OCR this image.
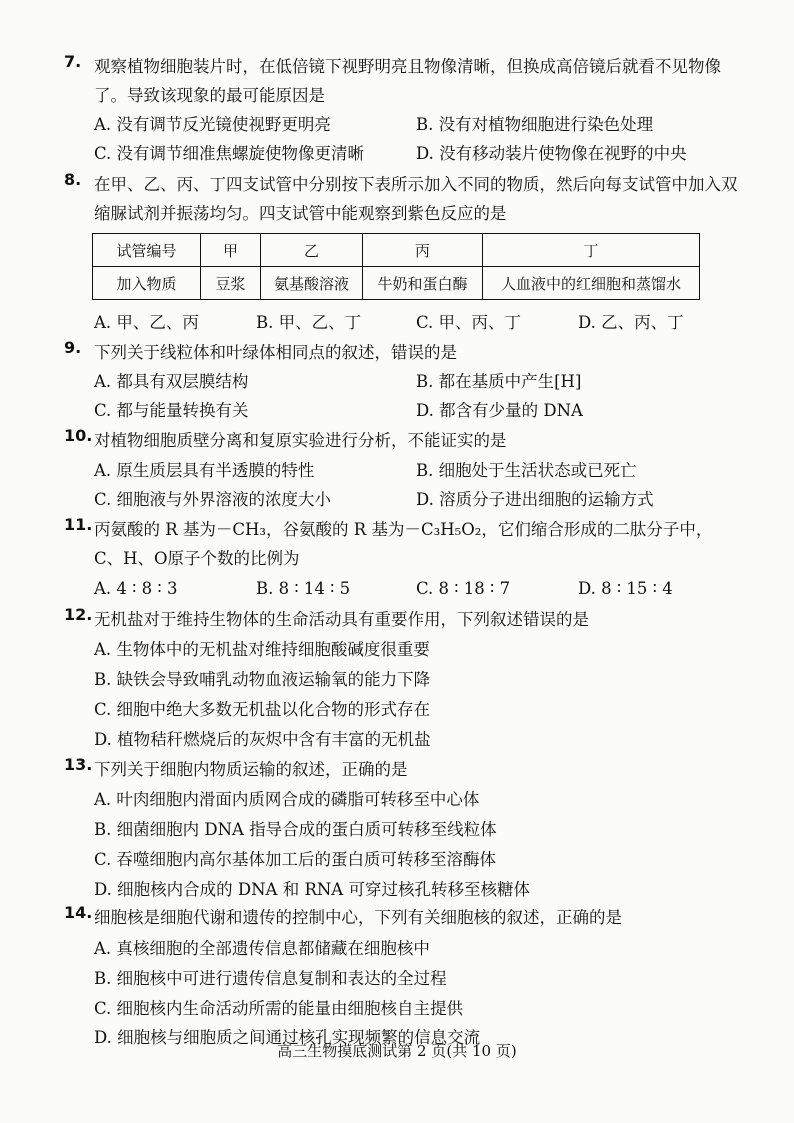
7. 观察植物细胞装片时，在低倍镜下视野明亮且物像清晰，但换成高倍镜后就看不见物像
了。导致该现象的最可能原因是
A. 没有调节反光镜使视野更明亮	B. 没有对植物细胞进行染色处理
C. 没有调节细准焦螺旋使物像更清晰	D. 没有移动装片使物像在视野的中央
8. 在甲、乙、丙、丁四支试管中分别按下表所示加入不同的物质，然后向每支试管中加入双
缩脲试剂并振荡均匀。四支试管中能观察到紫色反应的是
试管编号	甲	乙	丙	丁
加入物质	豆浆	氨基酸溶液	牛奶和蛋白酶	人血液中的红细胞和蒸馏水
A. 甲、乙、丙	B. 甲、乙、丁	C. 甲、丙、丁	D. 乙、丙、丁
9. 下列关于线粒体和叶绿体相同点的叙述，错误的是
A. 都具有双层膜结构	B. 都在基质中产生[H]
C. 都与能量转换有关	D. 都含有少量的 DNA
10. 对植物细胞质壁分离和复原实验进行分析，不能证实的是
A. 原生质层具有半透膜的特性	B. 细胞处于生活状态或已死亡
C. 细胞液与外界溶液的浓度大小	D. 溶质分子进出细胞的运输方式
11. 丙氨酸的 R 基为－CH₃，谷氨酸的 R 基为－C₃H₅O₂，它们缩合形成的二肽分子中，
C、H、O原子个数的比例为
A. 4 ∶ 8 ∶ 3	B. 8 ∶ 14 ∶ 5	C. 8 ∶ 18 ∶ 7	D. 8 ∶ 15 ∶ 4
12. 无机盐对于维持生物体的生命活动具有重要作用，下列叙述错误的是
A. 生物体中的无机盐对维持细胞酸碱度很重要
B. 缺铁会导致哺乳动物血液运输氧的能力下降
C. 细胞中绝大多数无机盐以化合物的形式存在
D. 植物秸秆燃烧后的灰烬中含有丰富的无机盐
13. 下列关于细胞内物质运输的叙述，正确的是
A. 叶肉细胞内滑面内质网合成的磷脂可转移至中心体
B. 细菌细胞内 DNA 指导合成的蛋白质可转移至线粒体
C. 吞噬细胞内高尔基体加工后的蛋白质可转移至溶酶体
D. 细胞核内合成的 DNA 和 RNA 可穿过核孔转移至核糖体
14. 细胞核是细胞代谢和遗传的控制中心，下列有关细胞核的叙述，正确的是
A. 真核细胞的全部遗传信息都储藏在细胞核中
B. 细胞核中可进行遗传信息复制和表达的全过程
C. 细胞核内生命活动所需的能量由细胞核自主提供
D. 细胞核与细胞质之间通过核孔实现频繁的信息交流
高三生物摸底测试第 2 页(共 10 页)
